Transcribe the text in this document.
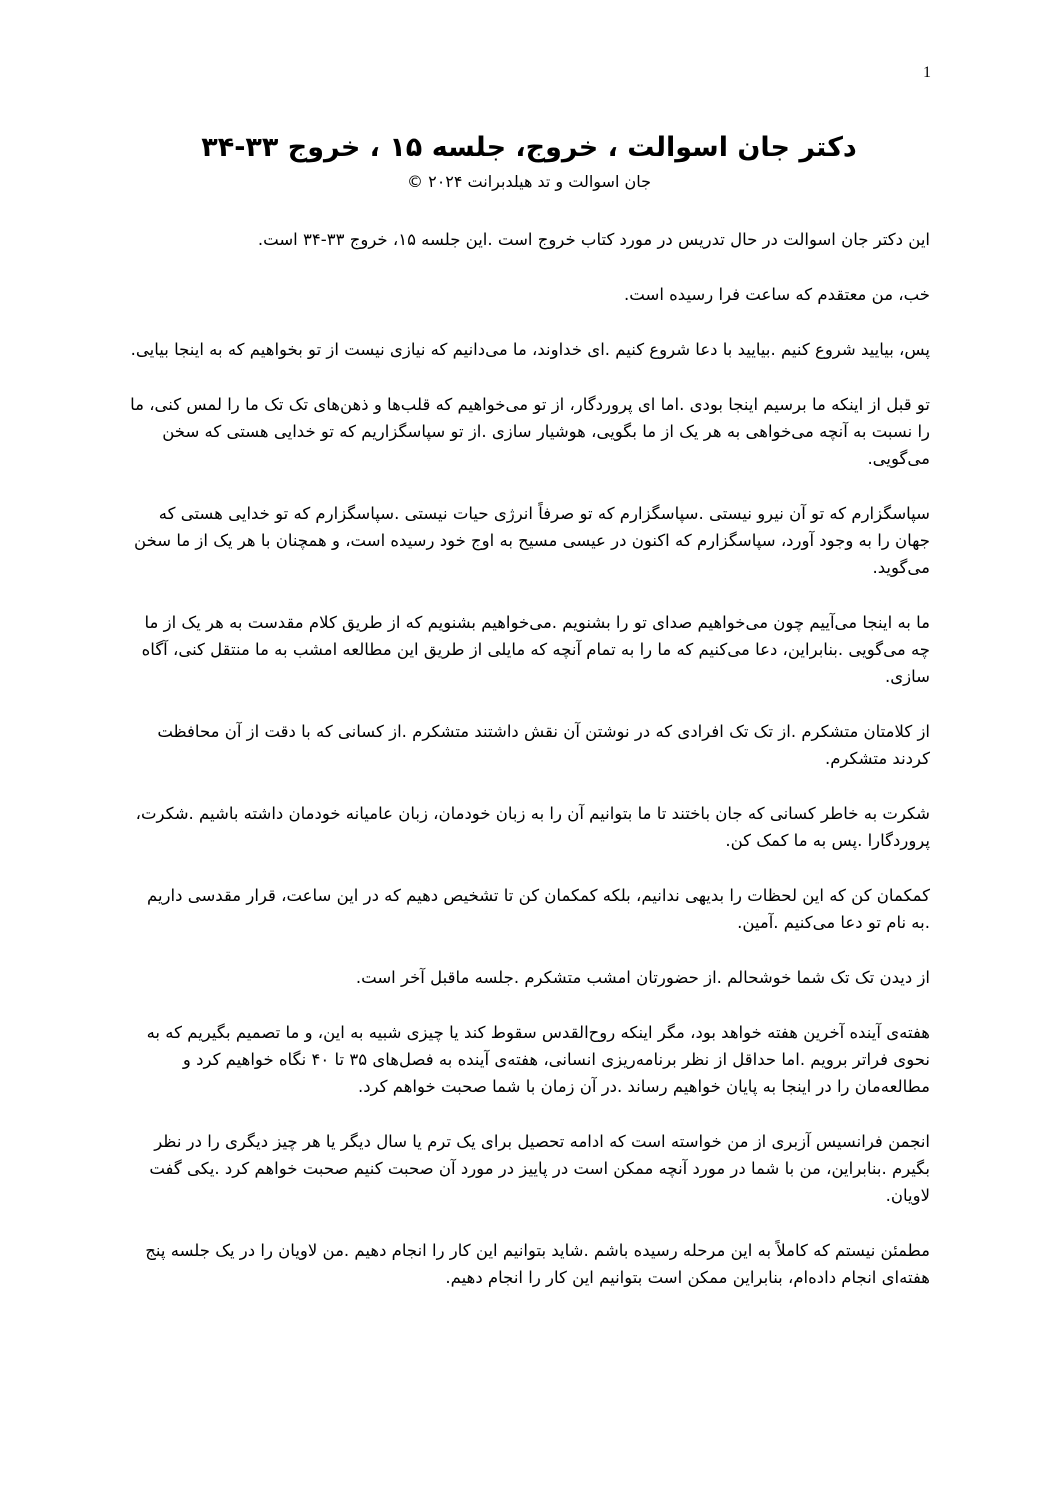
1
دکتر جان اسوالت ، خروج، جلسه ۱۵ ، خروج ۳۳-۳۴
جان اسوالت و تد هیلدبرانت ۲۰۲۴ ©

این دکتر جان اسوالت در حال تدریس در مورد کتاب خروج است .این جلسه ۱۵، خروج ۳۳-۳۴ است.

خب، من معتقدم که ساعت فرا رسیده است.

پس، بیایید شروع کنیم .بیایید با دعا شروع کنیم .ای خداوند، ما می‌دانیم که نیازی نیست از تو بخواهیم که به اینجا بیایی.

تو قبل از اینکه ما برسیم اینجا بودی .اما ای پروردگار، از تو می‌خواهیم که قلب‌ها و ذهن‌های تک تک ما را لمس کنی، ما را نسبت به آنچه می‌خواهی به هر یک از ما بگویی، هوشیار سازی .از تو سپاسگزاریم که تو خدایی هستی که سخن می‌گویی.

سپاسگزارم که تو آن نیرو نیستی .سپاسگزارم که تو صرفاً انرژی حیات نیستی .سپاسگزارم که تو خدایی هستی که جهان را به وجود آورد، سپاسگزارم که اکنون در عیسی مسیح به اوج خود رسیده است، و همچنان با هر یک از ما سخن می‌گوید.

ما به اینجا می‌آییم چون می‌خواهیم صدای تو را بشنویم .می‌خواهیم بشنویم که از طریق کلام مقدست به هر یک از ما چه می‌گویی .بنابراین، دعا می‌کنیم که ما را به تمام آنچه که مایلی از طریق این مطالعه امشب به ما منتقل کنی، آگاه سازی.

از کلامتان متشکرم .از تک تک افرادی که در نوشتن آن نقش داشتند متشکرم .از کسانی که با دقت از آن محافظت کردند متشکرم.

شکرت به خاطر کسانی که جان باختند تا ما بتوانیم آن را به زبان خودمان، زبان عامیانه خودمان داشته باشیم .شکرت، پروردگارا .پس به ما کمک کن.

کمکمان کن که این لحظات را بدیهی ندانیم، بلکه کمکمان کن تا تشخیص دهیم که در این ساعت، قرار مقدسی داریم .به نام تو دعا می‌کنیم .آمین.

از دیدن تک تک شما خوشحالم .از حضورتان امشب متشکرم .جلسه ماقبل آخر است.

هفته‌ی آینده آخرین هفته خواهد بود، مگر اینکه روح‌القدس سقوط کند یا چیزی شبیه به این، و ما تصمیم بگیریم که به نحوی فراتر برویم .اما حداقل از نظر برنامه‌ریزی انسانی، هفته‌ی آینده به فصل‌های ۳۵ تا ۴۰ نگاه خواهیم کرد و مطالعه‌مان را در اینجا به پایان خواهیم رساند .در آن زمان با شما صحبت خواهم کرد.

انجمن فرانسیس آزبری از من خواسته است که ادامه تحصیل برای یک ترم یا سال دیگر یا هر چیز دیگری را در نظر بگیرم .بنابراین، من با شما در مورد آنچه ممکن است در پاییز در مورد آن صحبت کنیم صحبت خواهم کرد .یکی گفت لاویان.

مطمئن نیستم که کاملاً به این مرحله رسیده باشم .شاید بتوانیم این کار را انجام دهیم .من لاویان را در یک جلسه پنج هفته‌ای انجام داده‌ام، بنابراین ممکن است بتوانیم این کار را انجام دهیم.
